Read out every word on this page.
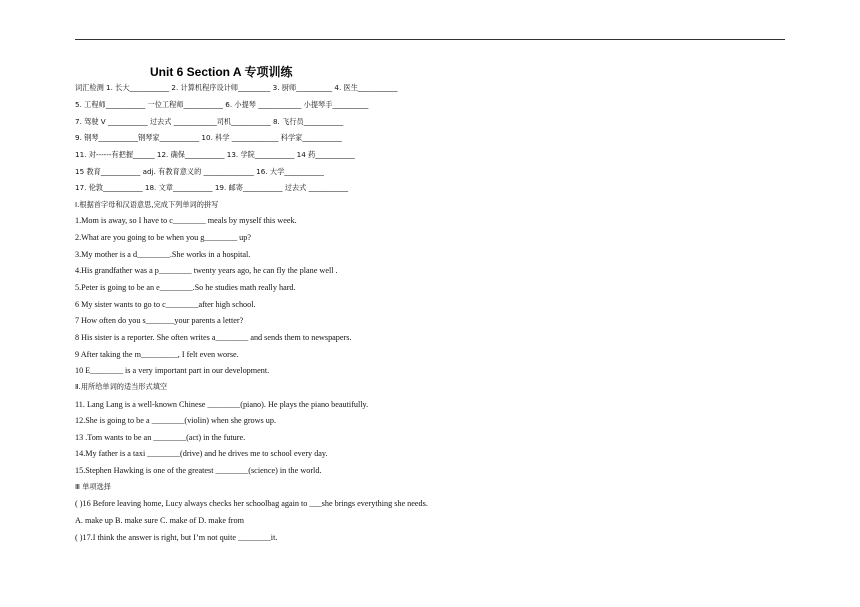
Unit 6 Section A 专项训练
词汇检测 1. 长大___________ 2. 计算机程序设计师_________ 3. 厨师__________ 4. 医生___________
5. 工程师___________ 一位工程师___________ 6. 小提琴 ____________ 小提琴手__________
7. 驾驶 V ___________ 过去式 ____________司机___________ 8. 飞行员___________
9. 钢琴___________钢琴家___________ 10. 科学 _____________ 科学家___________
11. 对------有把握______ 12. 确保___________ 13. 学院___________ 14 药___________
15 教育___________ adj. 有教育意义的 ______________ 16. 大学___________
17. 伦敦___________ 18. 文章___________ 19. 邮寄___________ 过去式 ___________
Ⅰ.根据首字母和汉语意思,完成下列单词的拼写
1.Mom is away, so I have to c________ meals by myself this week.
2.What are you going to be when you g________ up?
3.My mother is a d________.She works in a hospital.
4.His grandfather was a p________ twenty years ago, he can fly the plane well .
5.Peter is going to be an e________.So he studies math really hard.
6 My sister wants to go to c________after high school.
7 How often do you s_______your parents a letter?
8 His sister is a reporter. She often writes a________ and sends them to newspapers.
9 After taking the m_________, I felt even worse.
10 E________ is a very important part in our development.
Ⅱ.用所给单词的适当形式填空
11. Lang Lang is a well-known Chinese ________(piano). He plays the piano beautifully.
12.She is going to be a ________(violin) when she grows up.
13 .Tom wants to be an ________(act) in the future.
14.My father is a taxi ________(drive) and he drives me to school every day.
15.Stephen Hawking is one of the greatest ________(science) in the world.
Ⅲ 单项选择
( )16 Before leaving home, Lucy always checks her schoolbag again to ___she brings everything she needs.
A. make up B. make sure C. make of D. make from
( )17.I think the answer is right, but I’m not quite ________it.
